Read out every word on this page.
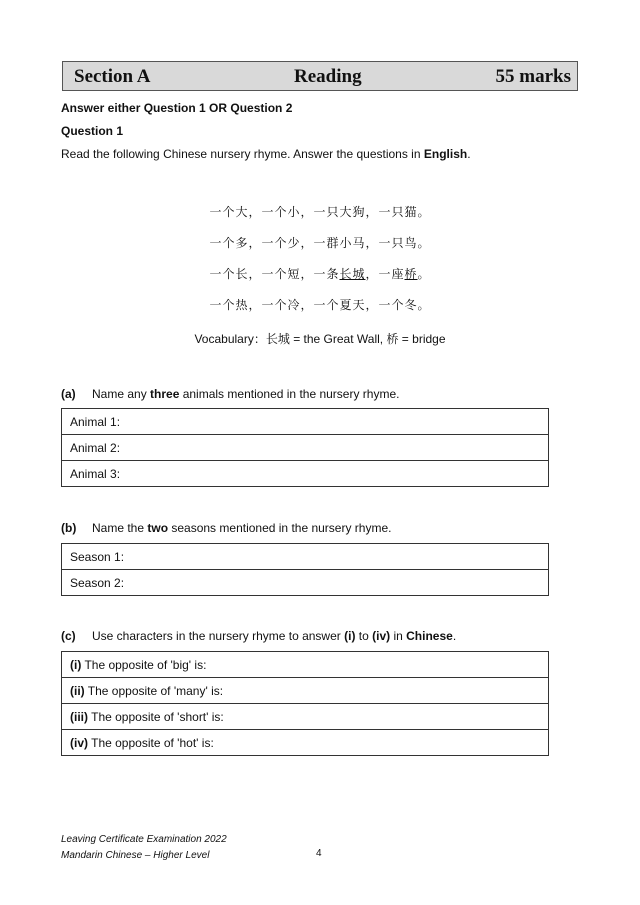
Section A	Reading	55 marks
Answer either Question 1 OR Question 2
Question 1
Read the following Chinese nursery rhyme. Answer the questions in English.
一个大，一个小，一只大狗，一只猫。
一个多，一个少，一群小马，一只鸟。
一个长，一个短，一条长城，一座桥。
一个热，一个冷，一个夏天，一个冬。
Vocabulary：长城 = the Great Wall, 桥 = bridge
(a) Name any three animals mentioned in the nursery rhyme.
Animal 1:
Animal 2:
Animal 3:
(b) Name the two seasons mentioned in the nursery rhyme.
Season 1:
Season 2:
(c) Use characters in the nursery rhyme to answer (i) to (iv) in Chinese.
(i) The opposite of 'big' is:
(ii) The opposite of 'many' is:
(iii) The opposite of 'short' is:
(iv) The opposite of 'hot' is:
Leaving Certificate Examination 2022
Mandarin Chinese – Higher Level	4
